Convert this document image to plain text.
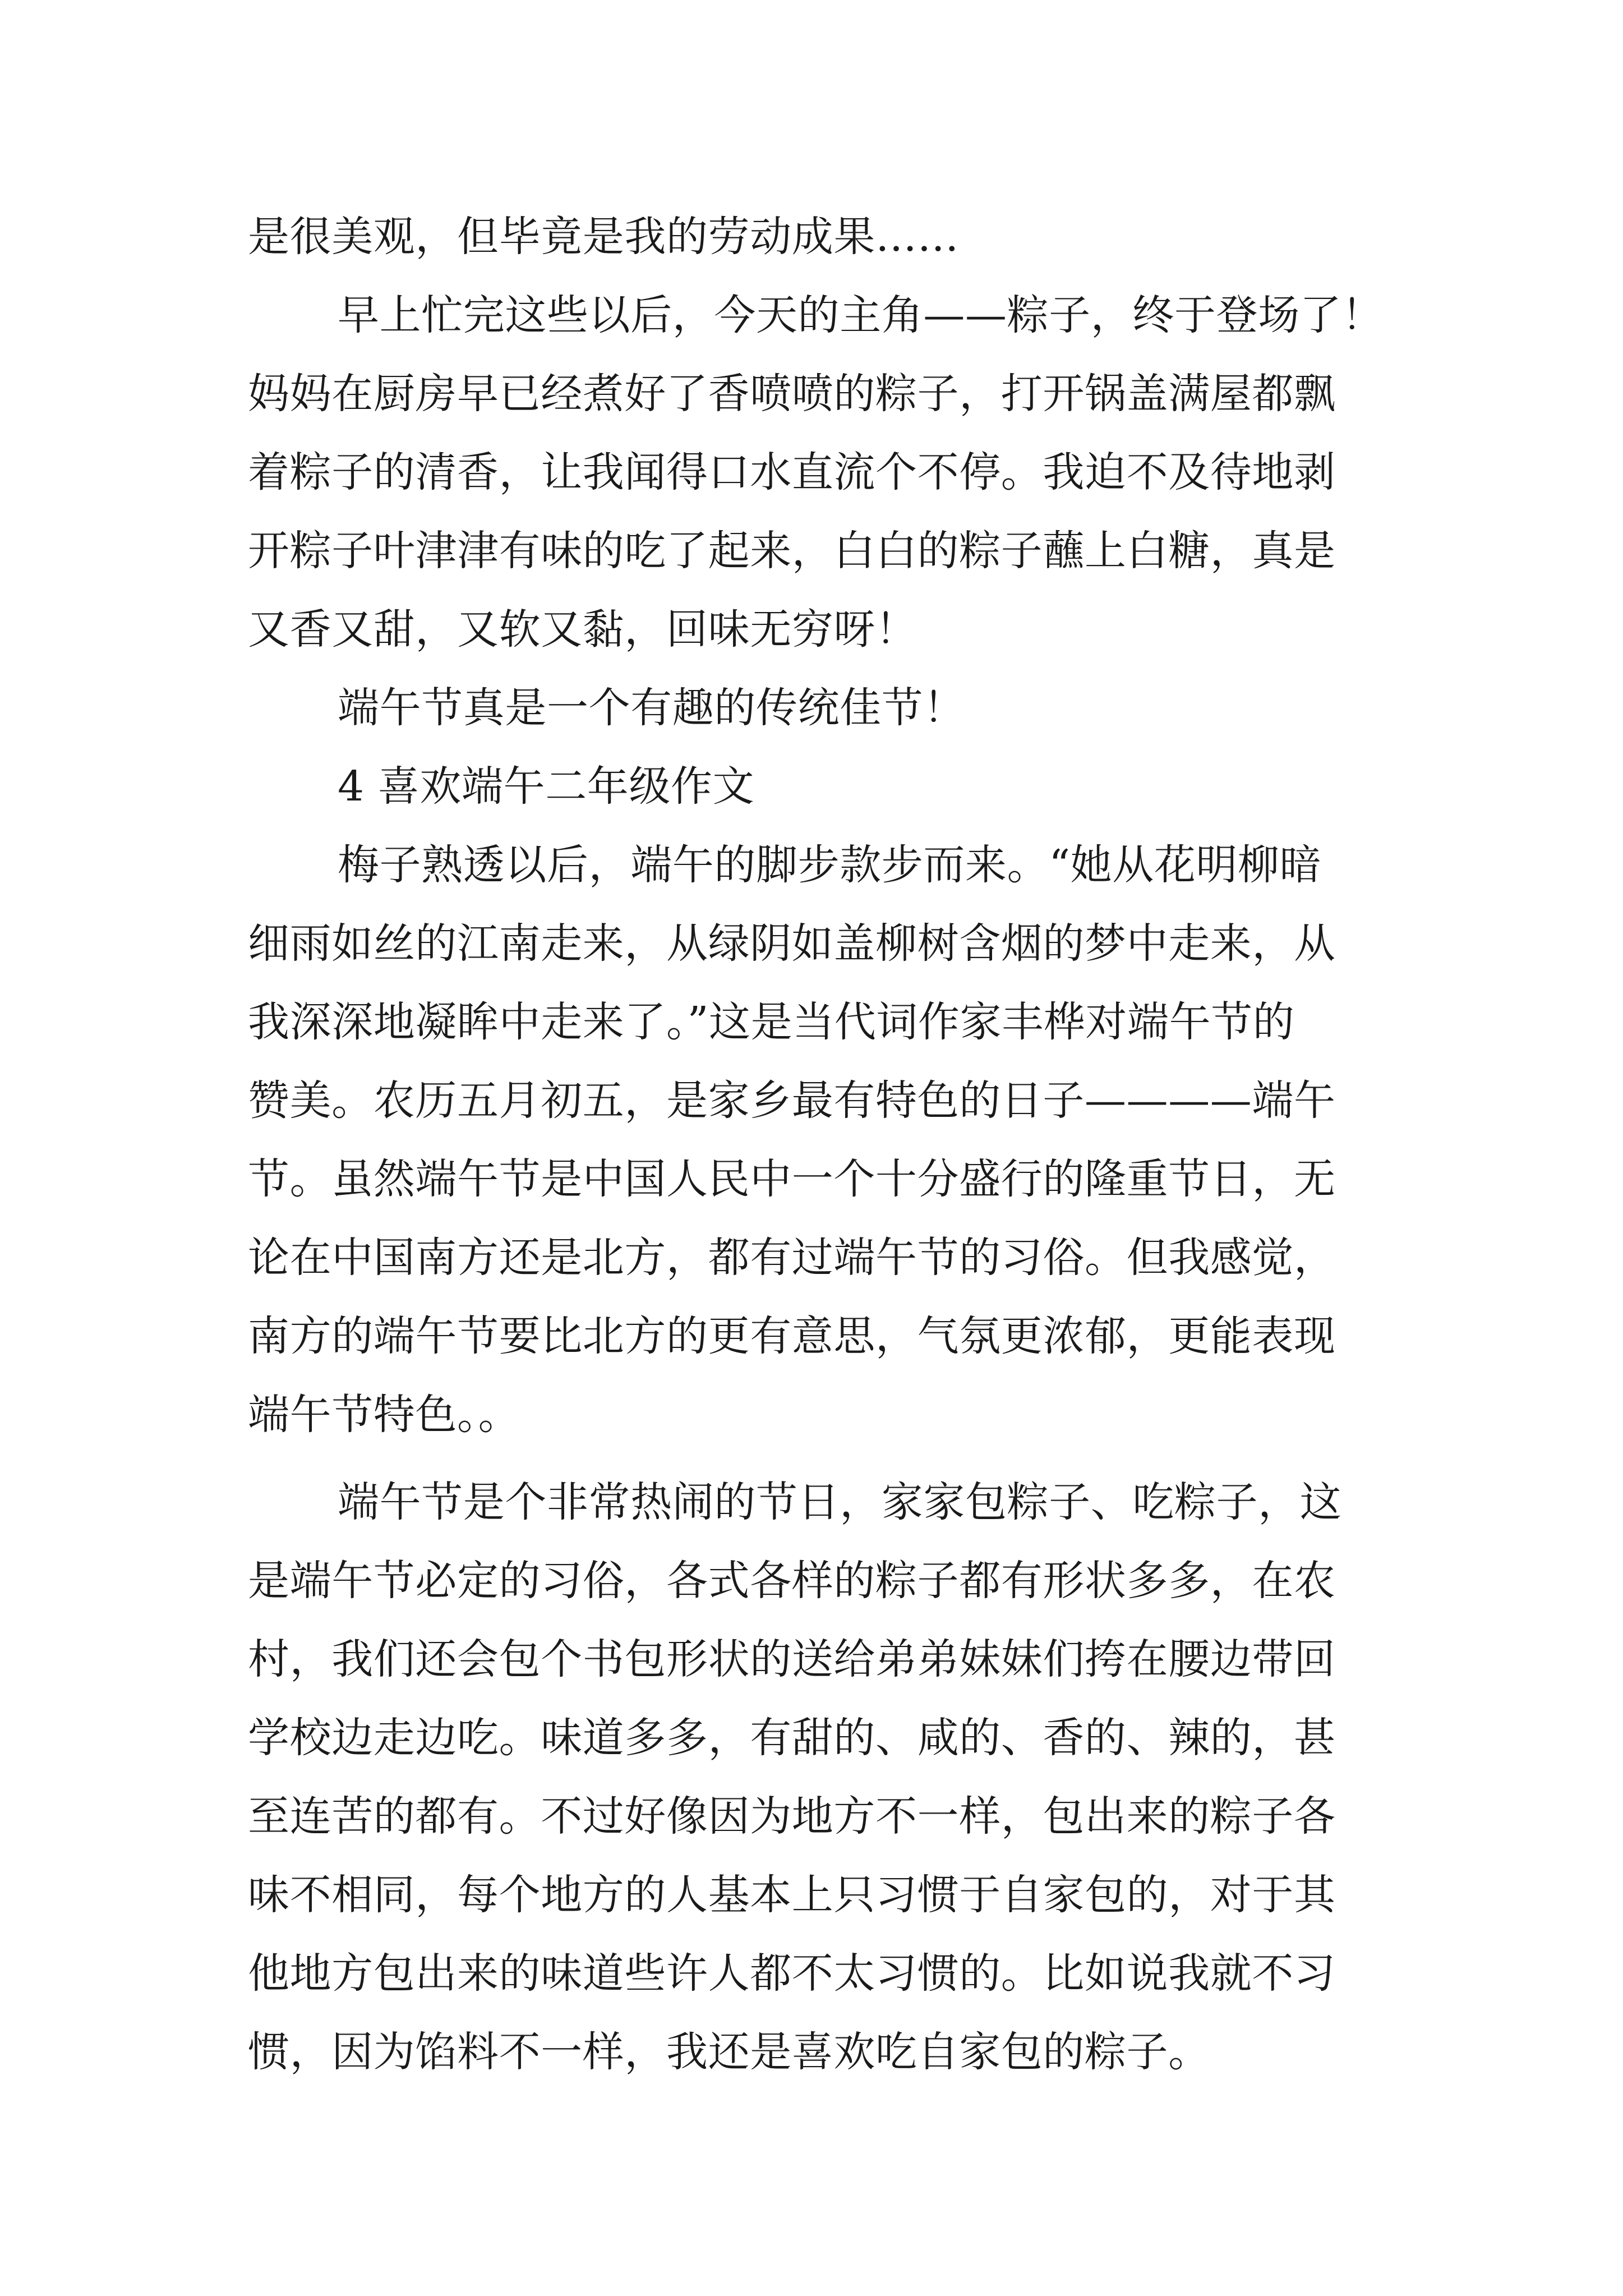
是很美观，但毕竟是我的劳动成果……
早上忙完这些以后，今天的主角——粽子，终于登场了！
妈妈在厨房早已经煮好了香喷喷的粽子，打开锅盖满屋都飘
着粽子的清香，让我闻得口水直流个不停。我迫不及待地剥
开粽子叶津津有味的吃了起来，白白的粽子蘸上白糖，真是
又香又甜，又软又黏，回味无穷呀！
端午节真是一个有趣的传统佳节！
4 喜欢端午二年级作文
梅子熟透以后，端午的脚步款步而来。“她从花明柳暗
细雨如丝的江南走来，从绿阴如盖柳树含烟的梦中走来，从
我深深地凝眸中走来了。”这是当代词作家丰桦对端午节的
赞美。农历五月初五，是家乡最有特色的日子————端午
节。虽然端午节是中国人民中一个十分盛行的隆重节日，无
论在中国南方还是北方，都有过端午节的习俗。但我感觉，
南方的端午节要比北方的更有意思，气氛更浓郁，更能表现
端午节特色。。
端午节是个非常热闹的节日，家家包粽子、吃粽子，这
是端午节必定的习俗，各式各样的粽子都有形状多多，在农
村，我们还会包个书包形状的送给弟弟妹妹们挎在腰边带回
学校边走边吃。味道多多，有甜的、咸的、香的、辣的，甚
至连苦的都有。不过好像因为地方不一样，包出来的粽子各
味不相同，每个地方的人基本上只习惯于自家包的，对于其
他地方包出来的味道些许人都不太习惯的。比如说我就不习
惯，因为馅料不一样，我还是喜欢吃自家包的粽子。
